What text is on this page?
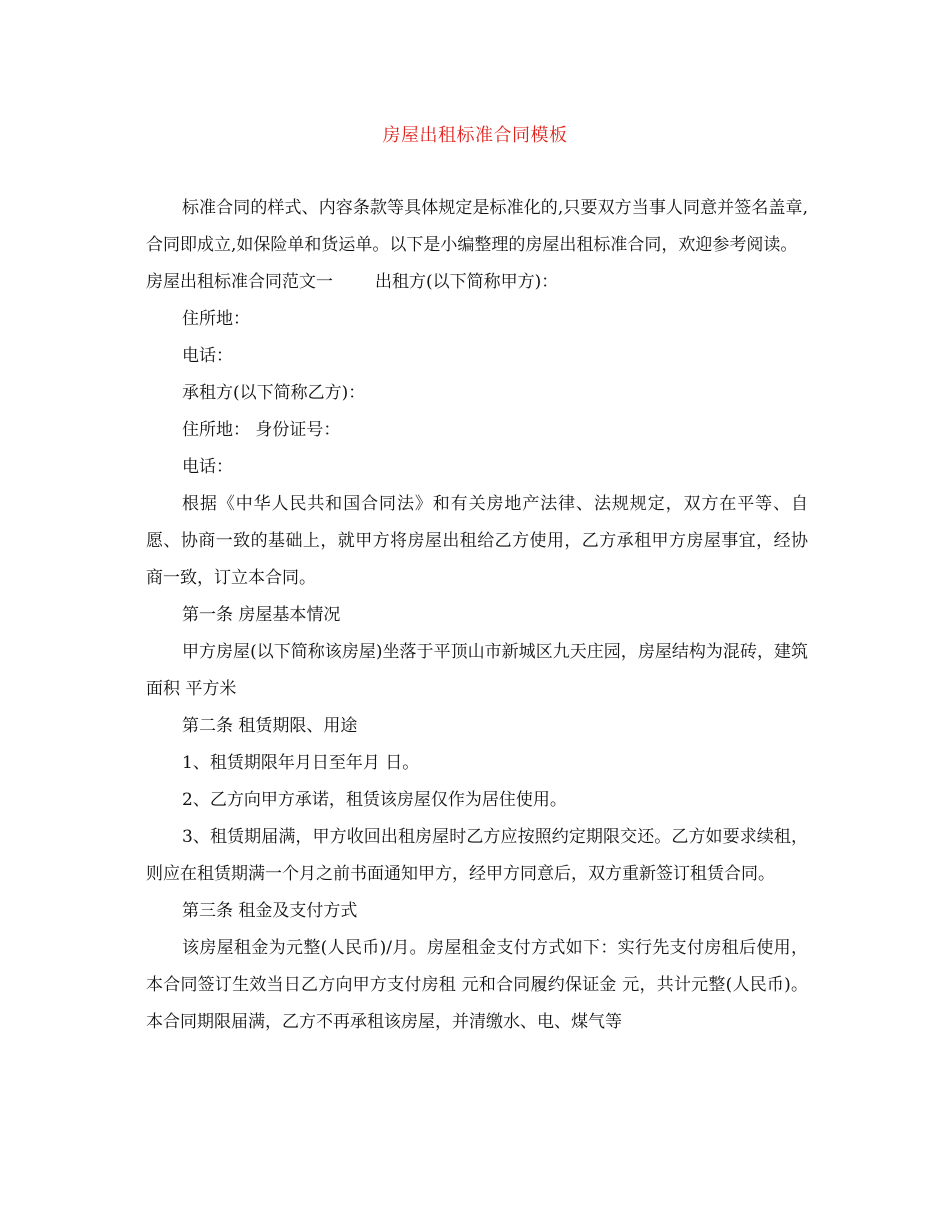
房屋出租标准合同模板

标准合同的样式、内容条款等具体规定是标准化的,只要双方当事人同意并签名盖章,合同即成立,如保险单和货运单。以下是小编整理的房屋出租标准合同，欢迎参考阅读。

房屋出租标准合同范文一 出租方(以下简称甲方)：

住所地：

电话：

承租方(以下简称乙方)：

住所地： 身份证号：

电话：

根据《中华人民共和国合同法》和有关房地产法律、法规规定，双方在平等、自愿、协商一致的基础上，就甲方将房屋出租给乙方使用，乙方承租甲方房屋事宜，经协商一致，订立本合同。

第一条 房屋基本情况

甲方房屋(以下简称该房屋)坐落于平顶山市新城区九天庄园，房屋结构为混砖，建筑面积 平方米

第二条 租赁期限、用途

1、租赁期限年月日至年月 日。

2、乙方向甲方承诺，租赁该房屋仅作为居住使用。

3、租赁期届满，甲方收回出租房屋时乙方应按照约定期限交还。乙方如要求续租，则应在租赁期满一个月之前书面通知甲方，经甲方同意后，双方重新签订租赁合同。

第三条 租金及支付方式

该房屋租金为元整(人民币)/月。房屋租金支付方式如下：实行先支付房租后使用，本合同签订生效当日乙方向甲方支付房租 元和合同履约保证金 元，共计元整(人民币)。本合同期限届满，乙方不再承租该房屋，并清缴水、电、煤气等
